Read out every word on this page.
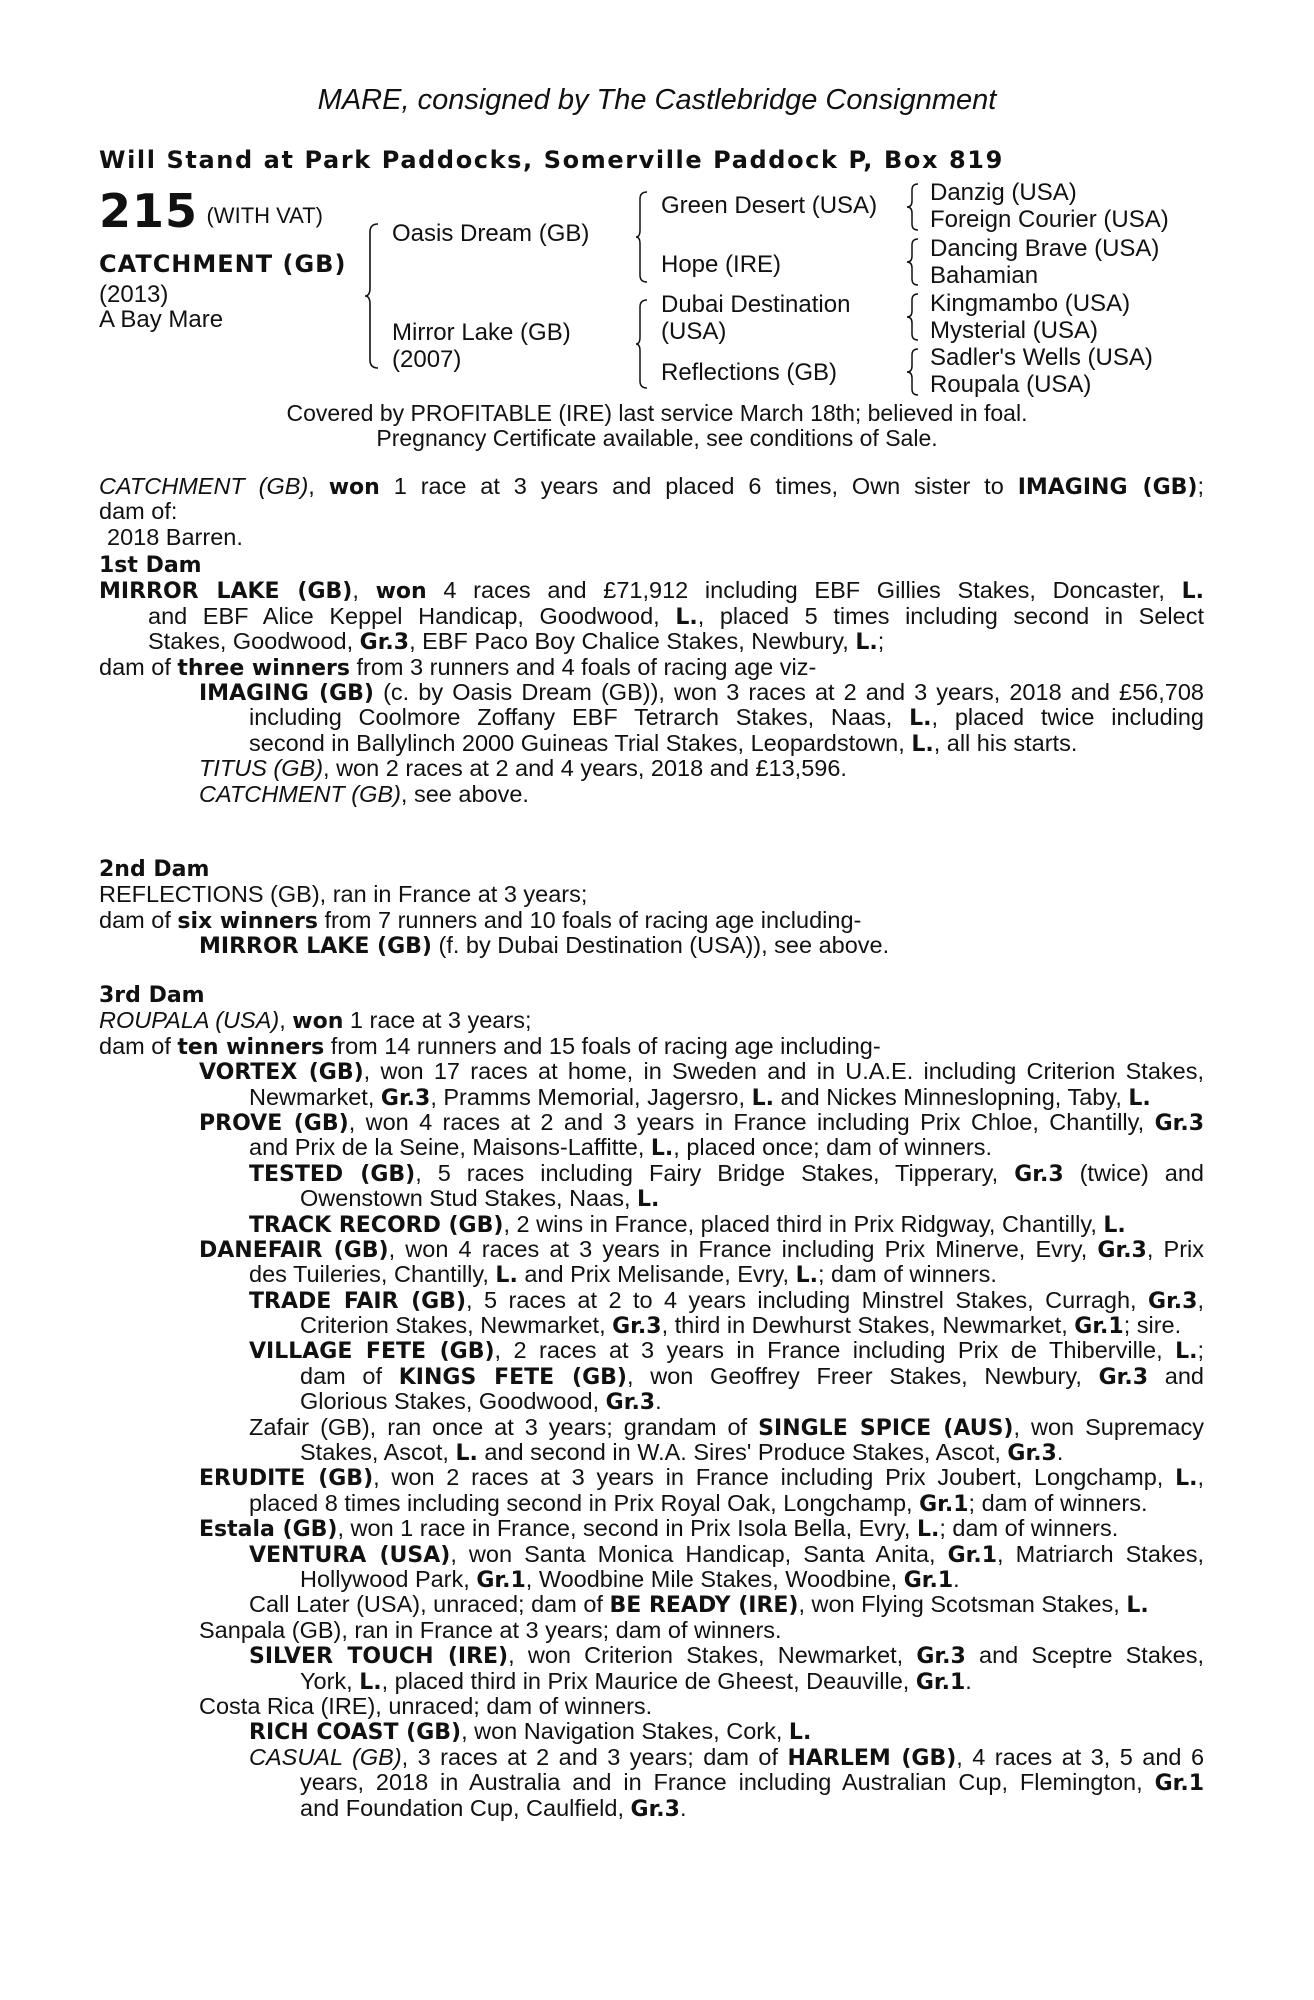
MARE, consigned by The Castlebridge Consignment
Will Stand at Park Paddocks, Somerville Paddock P, Box 819
215 (WITH VAT)
CATCHMENT (GB)
(2013)
A Bay Mare
Oasis Dream (GB)
Mirror Lake (GB)
(2007)
Green Desert (USA)
Hope (IRE)
Dubai Destination
(USA)
Reflections (GB)
Danzig (USA)
Foreign Courier (USA)
Dancing Brave (USA)
Bahamian
Kingmambo (USA)
Mysterial (USA)
Sadler's Wells (USA)
Roupala (USA)
Covered by PROFITABLE (IRE) last service March 18th; believed in foal.
Pregnancy Certificate available, see conditions of Sale.
CATCHMENT (GB), won 1 race at 3 years and placed 6 times, Own sister to IMAGING (GB);
dam of:
2018 Barren.
1st Dam
MIRROR LAKE (GB), won 4 races and £71,912 including EBF Gillies Stakes, Doncaster, L.
and EBF Alice Keppel Handicap, Goodwood, L., placed 5 times including second in Select
Stakes, Goodwood, Gr.3, EBF Paco Boy Chalice Stakes, Newbury, L.;
dam of three winners from 3 runners and 4 foals of racing age viz-
IMAGING (GB) (c. by Oasis Dream (GB)), won 3 races at 2 and 3 years, 2018 and £56,708
including Coolmore Zoffany EBF Tetrarch Stakes, Naas, L., placed twice including
second in Ballylinch 2000 Guineas Trial Stakes, Leopardstown, L., all his starts.
TITUS (GB), won 2 races at 2 and 4 years, 2018 and £13,596.
CATCHMENT (GB), see above.
2nd Dam
REFLECTIONS (GB), ran in France at 3 years;
dam of six winners from 7 runners and 10 foals of racing age including-
MIRROR LAKE (GB) (f. by Dubai Destination (USA)), see above.
3rd Dam
ROUPALA (USA), won 1 race at 3 years;
dam of ten winners from 14 runners and 15 foals of racing age including-
VORTEX (GB), won 17 races at home, in Sweden and in U.A.E. including Criterion Stakes,
Newmarket, Gr.3, Pramms Memorial, Jagersro, L. and Nickes Minneslopning, Taby, L.
PROVE (GB), won 4 races at 2 and 3 years in France including Prix Chloe, Chantilly, Gr.3
and Prix de la Seine, Maisons-Laffitte, L., placed once; dam of winners.
TESTED (GB), 5 races including Fairy Bridge Stakes, Tipperary, Gr.3 (twice) and
Owenstown Stud Stakes, Naas, L.
TRACK RECORD (GB), 2 wins in France, placed third in Prix Ridgway, Chantilly, L.
DANEFAIR (GB), won 4 races at 3 years in France including Prix Minerve, Evry, Gr.3, Prix
des Tuileries, Chantilly, L. and Prix Melisande, Evry, L.; dam of winners.
TRADE FAIR (GB), 5 races at 2 to 4 years including Minstrel Stakes, Curragh, Gr.3,
Criterion Stakes, Newmarket, Gr.3, third in Dewhurst Stakes, Newmarket, Gr.1; sire.
VILLAGE FETE (GB), 2 races at 3 years in France including Prix de Thiberville, L.;
dam of KINGS FETE (GB), won Geoffrey Freer Stakes, Newbury, Gr.3 and
Glorious Stakes, Goodwood, Gr.3.
Zafair (GB), ran once at 3 years; grandam of SINGLE SPICE (AUS), won Supremacy
Stakes, Ascot, L. and second in W.A. Sires' Produce Stakes, Ascot, Gr.3.
ERUDITE (GB), won 2 races at 3 years in France including Prix Joubert, Longchamp, L.,
placed 8 times including second in Prix Royal Oak, Longchamp, Gr.1; dam of winners.
Estala (GB), won 1 race in France, second in Prix Isola Bella, Evry, L.; dam of winners.
VENTURA (USA), won Santa Monica Handicap, Santa Anita, Gr.1, Matriarch Stakes,
Hollywood Park, Gr.1, Woodbine Mile Stakes, Woodbine, Gr.1.
Call Later (USA), unraced; dam of BE READY (IRE), won Flying Scotsman Stakes, L.
Sanpala (GB), ran in France at 3 years; dam of winners.
SILVER TOUCH (IRE), won Criterion Stakes, Newmarket, Gr.3 and Sceptre Stakes,
York, L., placed third in Prix Maurice de Gheest, Deauville, Gr.1.
Costa Rica (IRE), unraced; dam of winners.
RICH COAST (GB), won Navigation Stakes, Cork, L.
CASUAL (GB), 3 races at 2 and 3 years; dam of HARLEM (GB), 4 races at 3, 5 and 6
years, 2018 in Australia and in France including Australian Cup, Flemington, Gr.1
and Foundation Cup, Caulfield, Gr.3.
